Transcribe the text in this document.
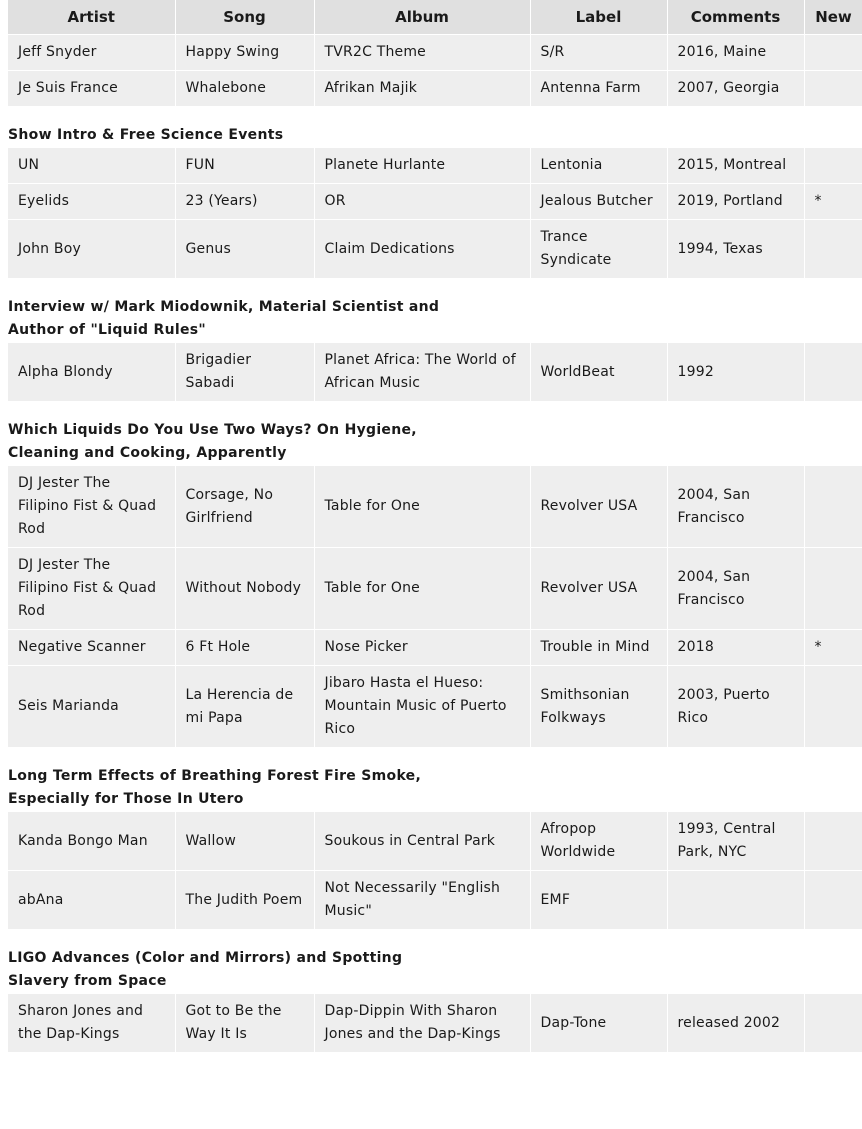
Artist	Song	Album	Label	Comments	New
Jeff Snyder	Happy Swing	TVR2C Theme	S/R	2016, Maine	
Je Suis France	Whalebone	Afrikan Majik	Antenna Farm	2007, Georgia	
Show Intro & Free Science Events
UN	FUN	Planete Hurlante	Lentonia	2015, Montreal	
Eyelids	23 (Years)	OR	Jealous Butcher	2019, Portland	*
John Boy	Genus	Claim Dedications	Trance Syndicate	1994, Texas	
Interview w/ Mark Miodownik, Material Scientist and Author of "Liquid Rules"
Alpha Blondy	Brigadier Sabadi	Planet Africa: The World of African Music	WorldBeat	1992	
Which Liquids Do You Use Two Ways? On Hygiene, Cleaning and Cooking, Apparently
DJ Jester The Filipino Fist & Quad Rod	Corsage, No Girlfriend	Table for One	Revolver USA	2004, San Francisco	
DJ Jester The Filipino Fist & Quad Rod	Without Nobody	Table for One	Revolver USA	2004, San Francisco	
Negative Scanner	6 Ft Hole	Nose Picker	Trouble in Mind	2018	*
Seis Marianda	La Herencia de mi Papa	Jibaro Hasta el Hueso: Mountain Music of Puerto Rico	Smithsonian Folkways	2003, Puerto Rico	
Long Term Effects of Breathing Forest Fire Smoke, Especially for Those In Utero
Kanda Bongo Man	Wallow	Soukous in Central Park	Afropop Worldwide	1993, Central Park, NYC	
abAna	The Judith Poem	Not Necessarily "English Music"	EMF		
LIGO Advances (Color and Mirrors) and Spotting Slavery from Space
Sharon Jones and the Dap-Kings	Got to Be the Way It Is	Dap-Dippin With Sharon Jones and the Dap-Kings	Dap-Tone	released 2002	
